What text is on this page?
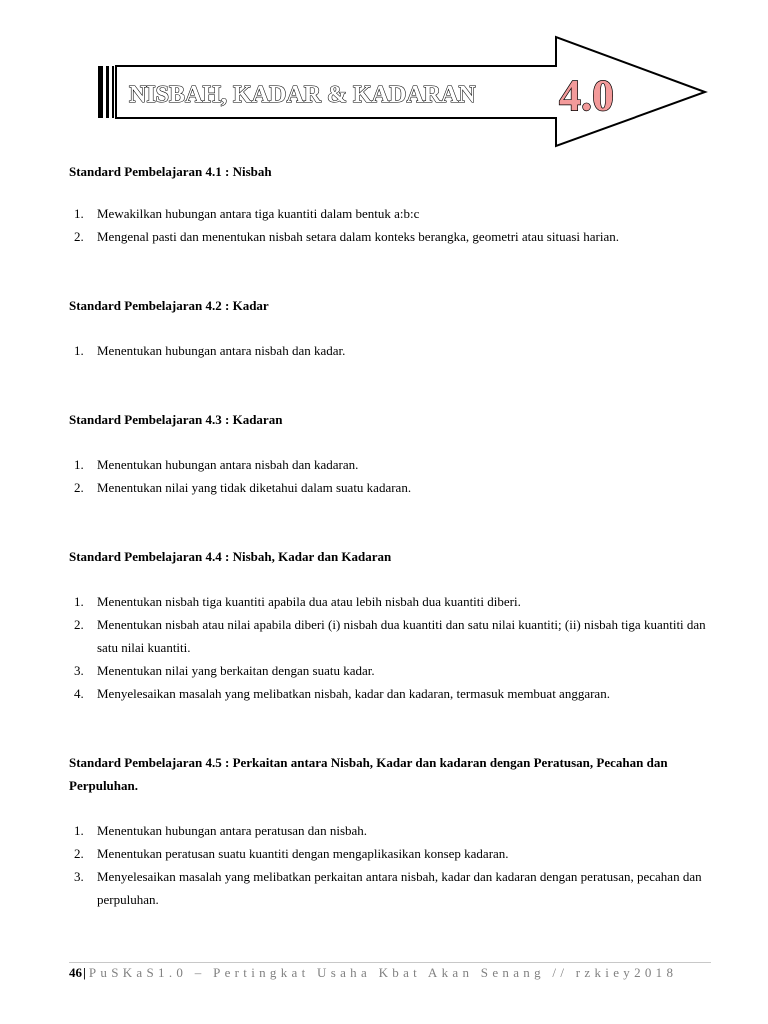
NISBAH, KADAR & KADARAN 4.0

Standard Pembelajaran 4.1 : Nisbah

1. Mewakilkan hubungan antara tiga kuantiti dalam bentuk a:b:c
2. Mengenal pasti dan menentukan nisbah setara dalam konteks berangka, geometri atau situasi harian.

Standard Pembelajaran 4.2 : Kadar

1. Menentukan hubungan antara nisbah dan kadar.

Standard Pembelajaran 4.3 : Kadaran

1. Menentukan hubungan antara nisbah dan kadaran.
2. Menentukan nilai yang tidak diketahui dalam suatu kadaran.

Standard Pembelajaran 4.4 : Nisbah, Kadar dan Kadaran

1. Menentukan nisbah tiga kuantiti apabila dua atau lebih nisbah dua kuantiti diberi.
2. Menentukan nisbah atau nilai apabila diberi (i) nisbah dua kuantiti dan satu nilai kuantiti; (ii) nisbah tiga kuantiti dan satu nilai kuantiti.
3. Menentukan nilai yang berkaitan dengan suatu kadar.
4. Menyelesaikan masalah yang melibatkan nisbah, kadar dan kadaran, termasuk membuat anggaran.

Standard Pembelajaran 4.5 : Perkaitan antara Nisbah, Kadar dan kadaran dengan Peratusan, Pecahan dan Perpuluhan.

1. Menentukan hubungan antara peratusan dan nisbah.
2. Menentukan peratusan suatu kuantiti dengan mengaplikasikan konsep kadaran.
3. Menyelesaikan masalah yang melibatkan perkaitan antara nisbah, kadar dan kadaran dengan peratusan, pecahan dan perpuluhan.
46| PuSKaS1.0 – Pertingkat Usaha Kbat Akan Senang // rzkiey2018
